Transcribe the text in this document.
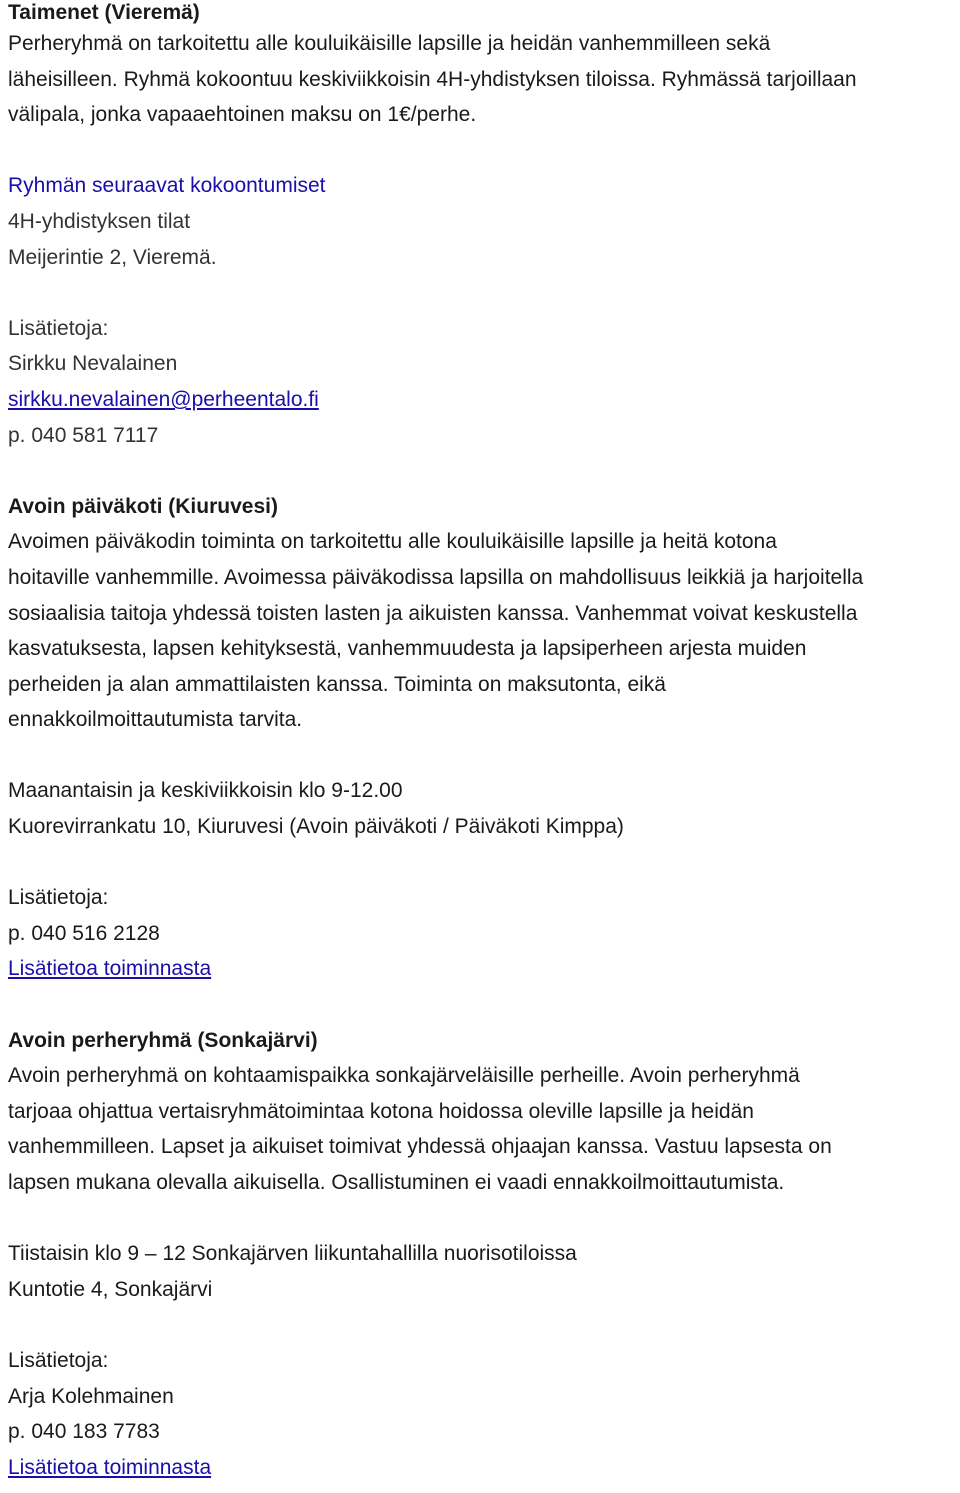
Taimenet (Vieremä)
Perheryhmä on tarkoitettu alle kouluikäisille lapsille ja heidän vanhemmilleen sekä
läheisilleen. Ryhmä kokoontuu keskiviikkoisin 4H-yhdistyksen tiloissa. Ryhmässä tarjoillaan
välipala, jonka vapaaehtoinen maksu on 1€/perhe.
Ryhmän seuraavat kokoontumiset
4H-yhdistyksen tilat
Meijerintie 2, Vieremä.
Lisätietoja:
Sirkku Nevalainen
sirkku.nevalainen@perheentalo.fi
p. 040 581 7117
Avoin päiväkoti (Kiuruvesi)
Avoimen päiväkodin toiminta on tarkoitettu alle kouluikäisille lapsille ja heitä kotona
hoitaville vanhemmille. Avoimessa päiväkodissa lapsilla on mahdollisuus leikkiä ja harjoitella
sosiaalisia taitoja yhdessä toisten lasten ja aikuisten kanssa. Vanhemmat voivat keskustella
kasvatuksesta, lapsen kehityksestä, vanhemmuudesta ja lapsiperheen arjesta muiden
perheiden ja alan ammattilaisten kanssa. Toiminta on maksutonta, eikä
ennakkoilmoittautumista tarvita.
Maanantaisin ja keskiviikkoisin klo 9-12.00
Kuorevirrankatu 10, Kiuruvesi (Avoin päiväkoti / Päiväkoti Kimppa)
Lisätietoja:
p. 040 516 2128
Lisätietoa toiminnasta
Avoin perheryhmä (Sonkajärvi)
Avoin perheryhmä on kohtaamispaikka sonkajärveläisille perheille. Avoin perheryhmä
tarjoaa ohjattua vertaisryhmätoimintaa kotona hoidossa oleville lapsille ja heidän
vanhemmilleen. Lapset ja aikuiset toimivat yhdessä ohjaajan kanssa. Vastuu lapsesta on
lapsen mukana olevalla aikuisella. Osallistuminen ei vaadi ennakkoilmoittautumista.
Tiistaisin klo 9 – 12 Sonkajärven liikuntahallilla nuorisotiloissa
Kuntotie 4, Sonkajärvi
Lisätietoja:
Arja Kolehmainen
p. 040 183 7783
Lisätietoa toiminnasta
